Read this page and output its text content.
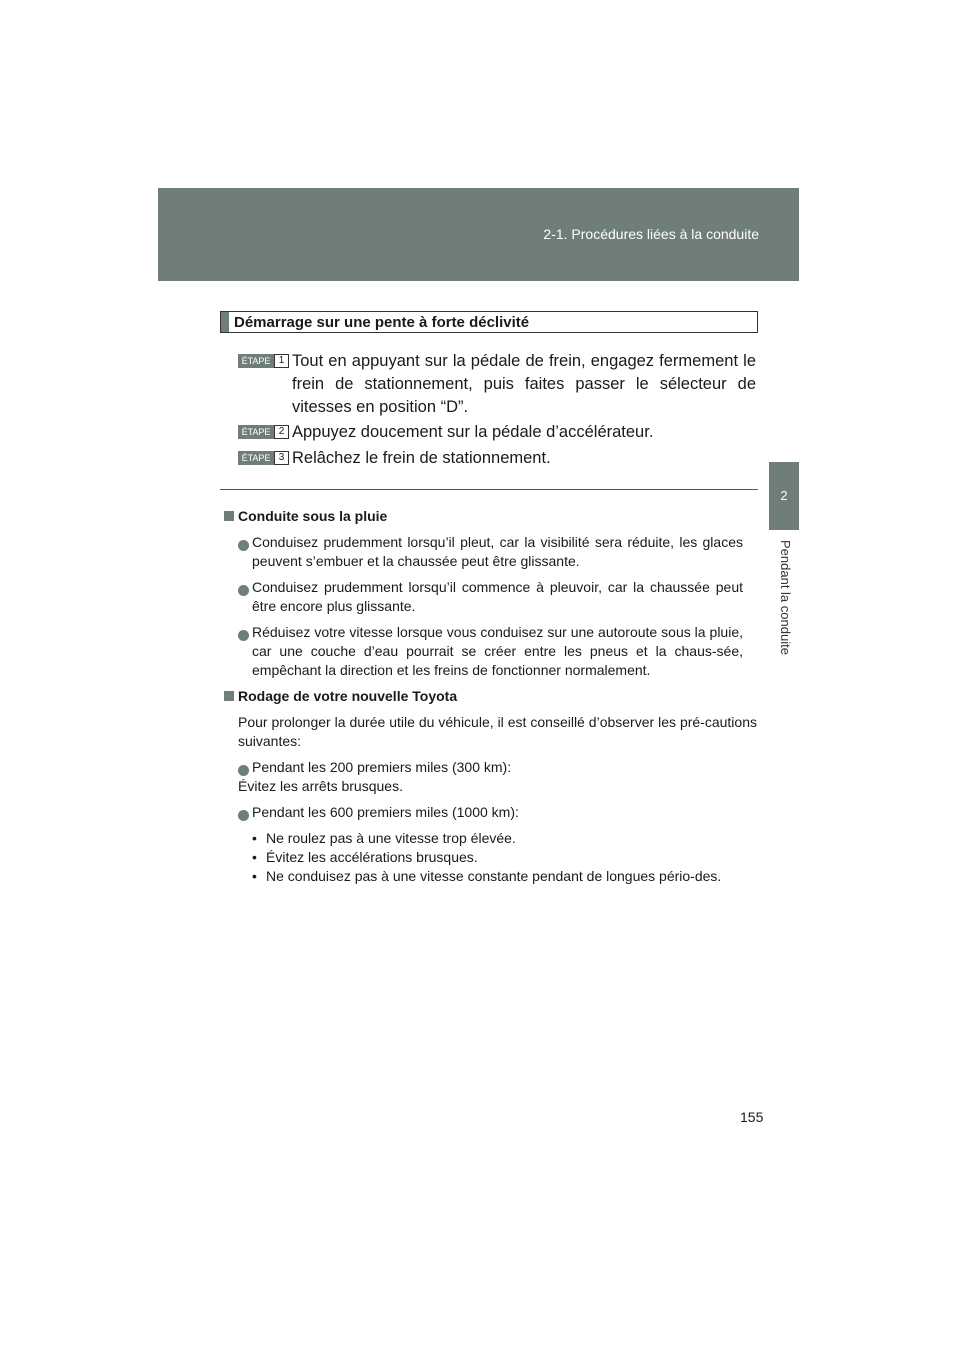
2-1. Procédures liées à la conduite
2
Pendant la conduite
Démarrage sur une pente à forte déclivité
ÉTAPE 1 Tout en appuyant sur la pédale de frein, engagez fermement le frein de stationnement, puis faites passer le sélecteur de vitesses en position “D”.
ÉTAPE 2 Appuyez doucement sur la pédale d’accélérateur.
ÉTAPE 3 Relâchez le frein de stationnement.
Conduite sous la pluie
Conduisez prudemment lorsqu’il pleut, car la visibilité sera réduite, les glaces peuvent s’embuer et la chaussée peut être glissante.
Conduisez prudemment lorsqu’il commence à pleuvoir, car la chaussée peut être encore plus glissante.
Réduisez votre vitesse lorsque vous conduisez sur une autoroute sous la pluie, car une couche d’eau pourrait se créer entre les pneus et la chaus-sée, empêchant la direction et les freins de fonctionner normalement.
Rodage de votre nouvelle Toyota
Pour prolonger la durée utile du véhicule, il est conseillé d’observer les pré-cautions suivantes:
Pendant les 200 premiers miles (300 km):
Évitez les arrêts brusques.
Pendant les 600 premiers miles (1000 km):
• Ne roulez pas à une vitesse trop élevée.
• Évitez les accélérations brusques.
• Ne conduisez pas à une vitesse constante pendant de longues pério-des.
155
